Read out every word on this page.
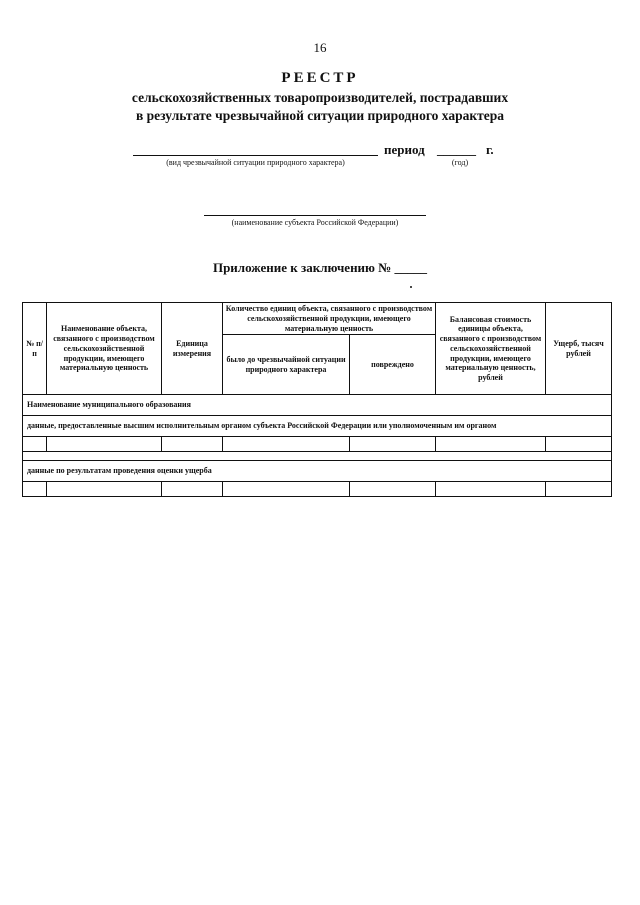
16
РЕЕСТР
сельскохозяйственных товаропроизводителей, пострадавших
в результате чрезвычайной ситуации природного характера
период ______ г.
(вид чрезвычайной ситуации природного характера)	(год)
(наименование субъекта Российской Федерации)
Приложение к заключению № _____
№ п/п	Наименование объекта, связанного с производством сельскохозяйственной продукции, имеющего материальную ценность	Единица измерения	Количество единиц объекта, связанного с производством сельскохозяйственной продукции, имеющего материальную ценность		Балансовая стоимость единицы объекта, связанного с производством сельскохозяйственной продукции, имеющего материальную ценность, рублей	Ущерб, тысяч рублей
			было до чрезвычайной ситуации природного характера	повреждено		
Наименование муниципального образования						
данные, предоставленные высшим исполнительным органом субъекта Российской Федерации или уполномоченным им органом						

данные по результатам проведения оценки ущерба						
